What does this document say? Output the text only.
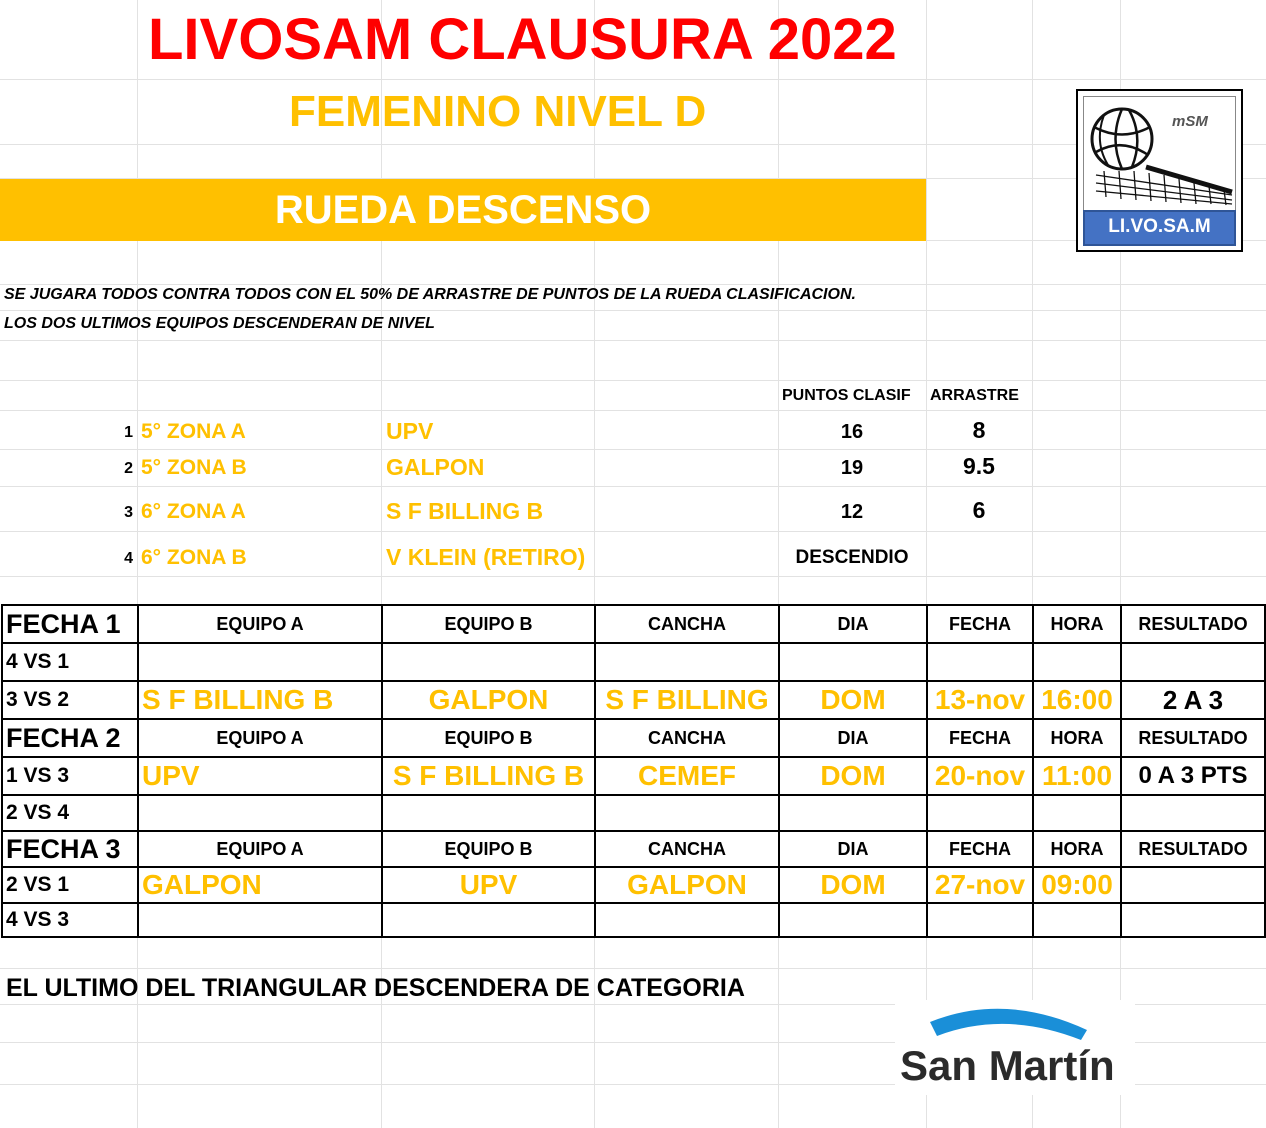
LIVOSAM CLAUSURA 2022
FEMENINO NIVEL D
RUEDA DESCENSO
mSM
LI.VO.SA.M
SE JUGARA TODOS CONTRA TODOS CON EL 50% DE ARRASTRE DE PUNTOS DE LA RUEDA CLASIFICACION.
LOS DOS ULTIMOS EQUIPOS DESCENDERAN DE NIVEL
PUNTOS CLASIF ARRASTRE
1 5° ZONA A	UPV	16	8
2 5° ZONA B	GALPON	19	9.5
3 6° ZONA A	S F BILLING B	12	6
4 6° ZONA B	V KLEIN (RETIRO)	DESCENDIO
FECHA 1	EQUIPO A	EQUIPO B	CANCHA	DIA	FECHA	HORA	RESULTADO
4 VS 1							
3 VS 2	S F BILLING B	GALPON	S F BILLING	DOM	13-nov	16:00	2 A 3
FECHA 2	EQUIPO A	EQUIPO B	CANCHA	DIA	FECHA	HORA	RESULTADO
1 VS 3	UPV	S F BILLING B	CEMEF	DOM	20-nov	11:00	0 A 3 PTS
2 VS 4							
FECHA 3	EQUIPO A	EQUIPO B	CANCHA	DIA	FECHA	HORA	RESULTADO
2 VS 1	GALPON	UPV	GALPON	DOM	27-nov	09:00	
4 VS 3							
EL ULTIMO DEL TRIANGULAR DESCENDERA DE CATEGORIA
San Martín
